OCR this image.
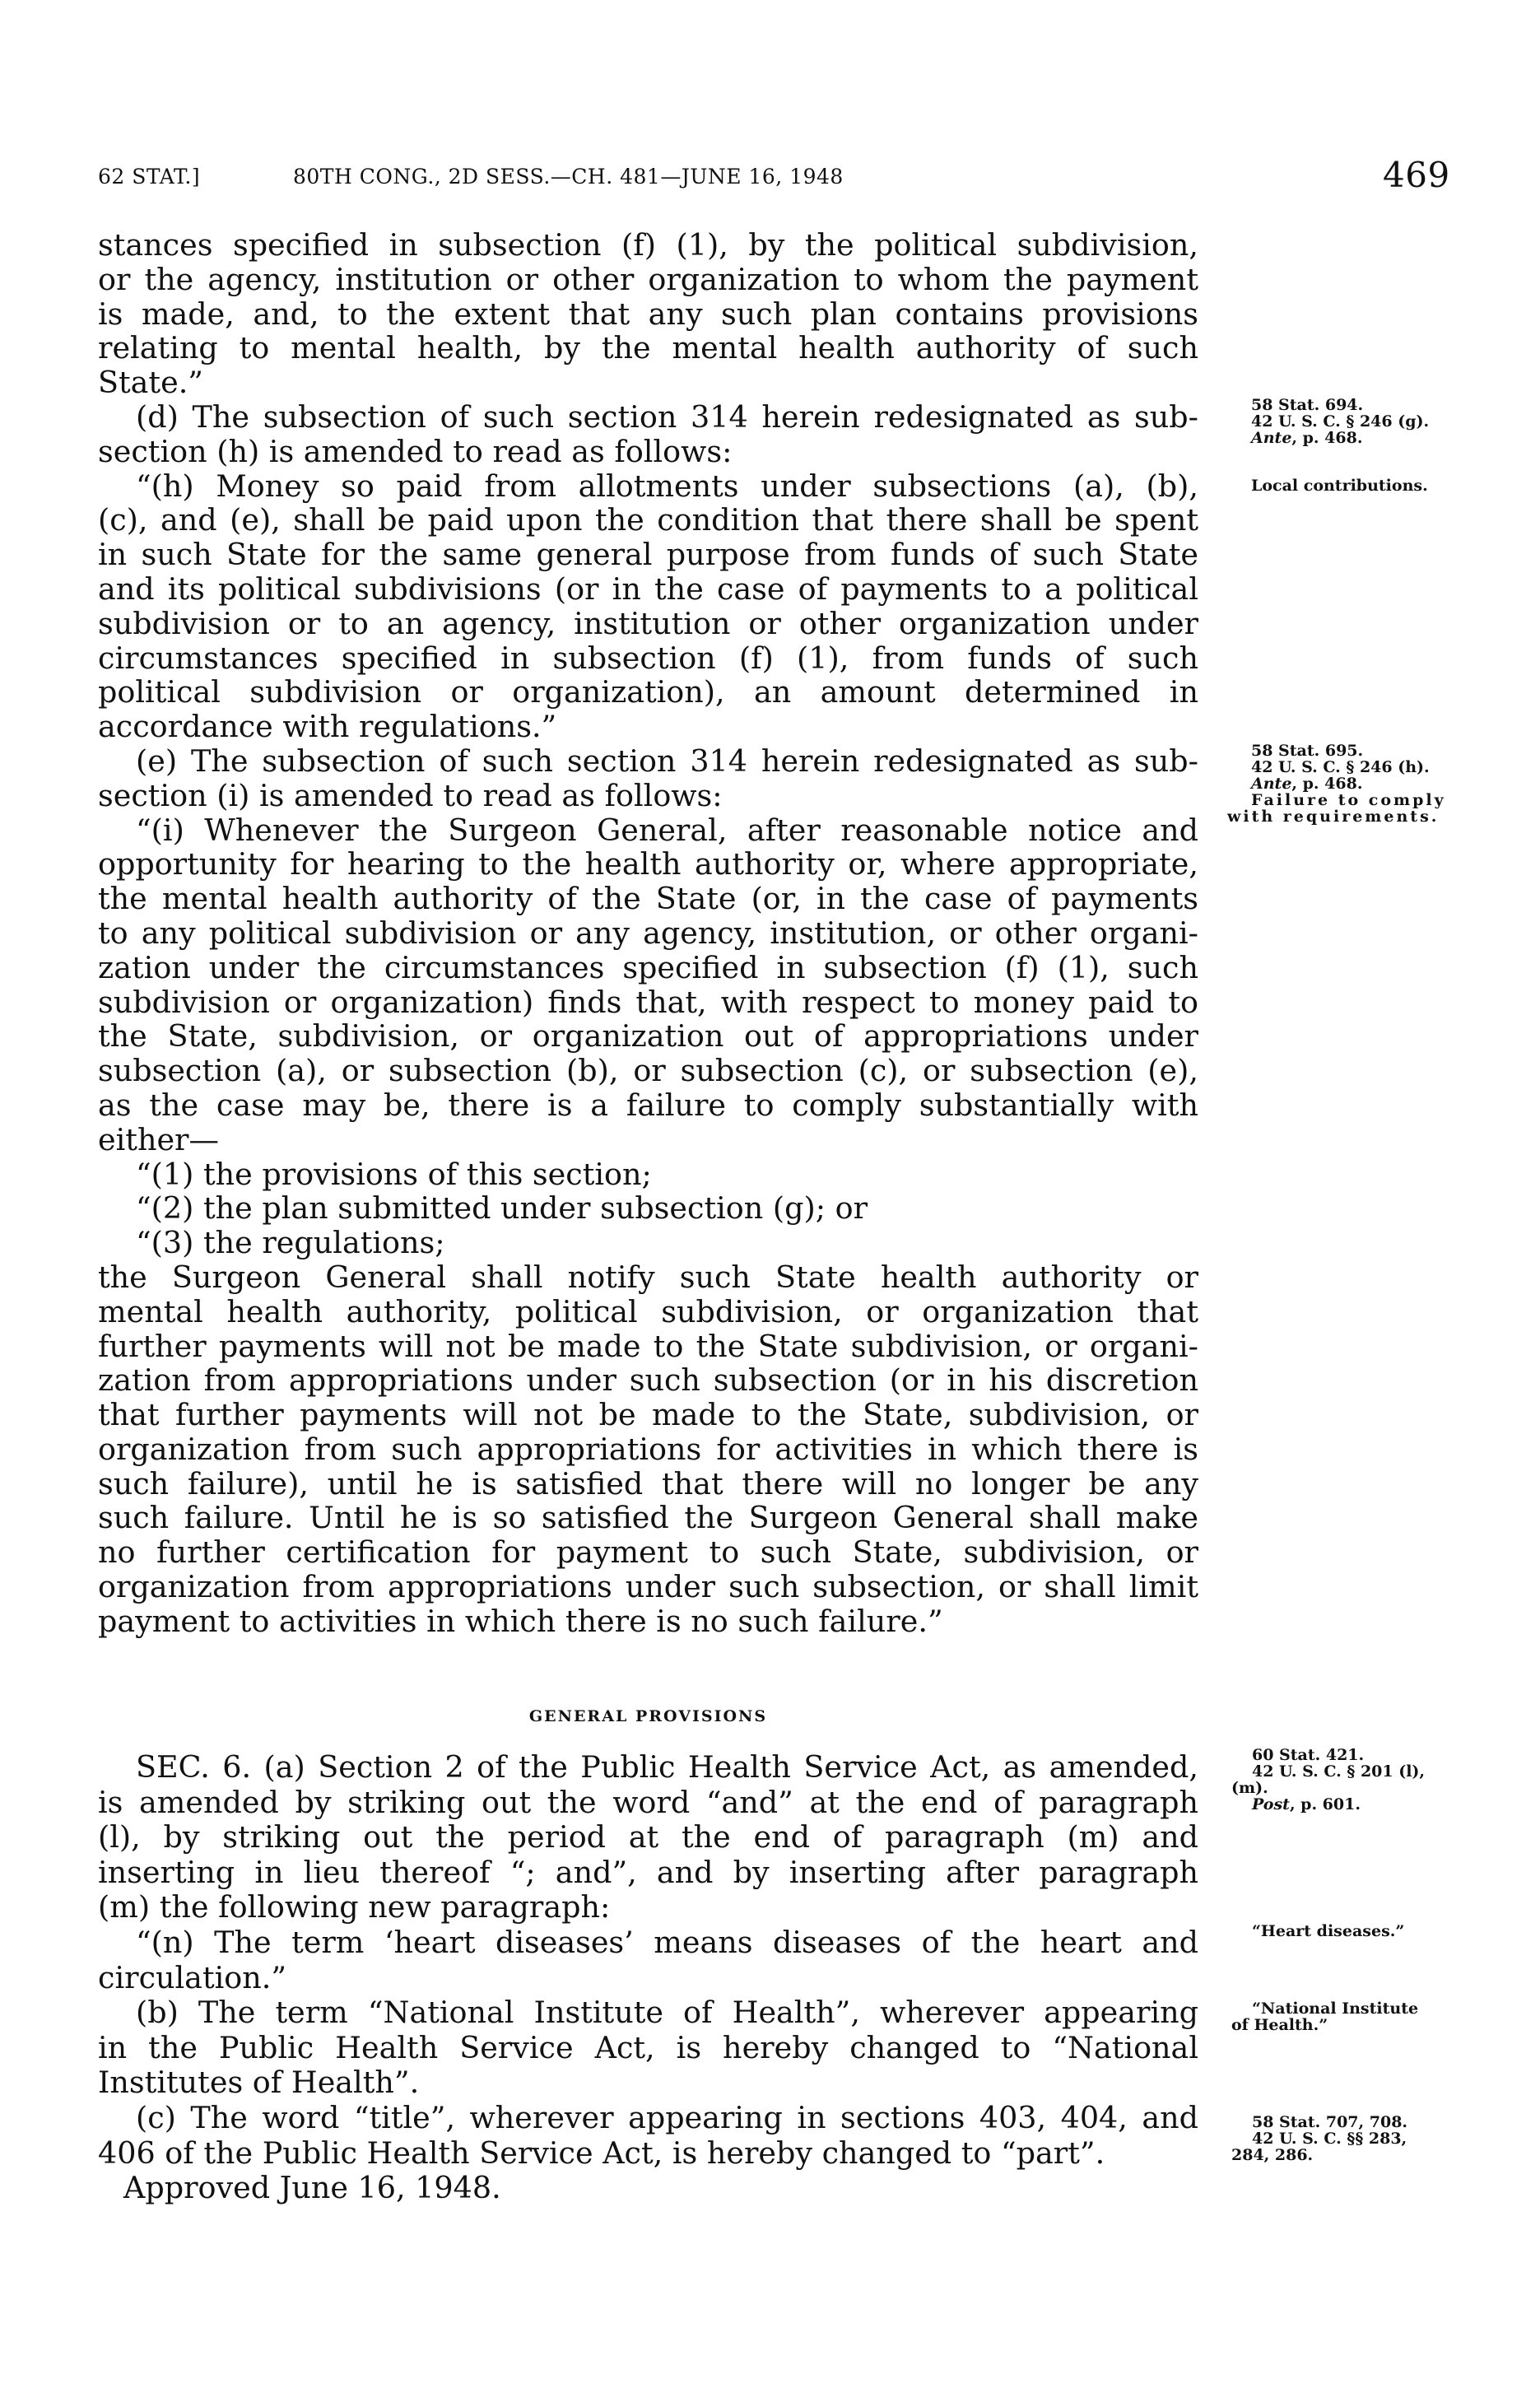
62 STAT.]	80TH CONG., 2D SESS.—CH. 481—JUNE 16, 1948	469
stances specified in subsection (f) (1), by the political subdivision,
or the agency, institution or other organization to whom the payment
is made, and, to the extent that any such plan contains provisions
relating to mental health, by the mental health authority of such
State.”
(d) The subsection of such section 314 herein redesignated as sub-
section (h) is amended to read as follows:
“(h) Money so paid from allotments under subsections (a), (b),
(c), and (e), shall be paid upon the condition that there shall be spent
in such State for the same general purpose from funds of such State
and its political subdivisions (or in the case of payments to a political
subdivision or to an agency, institution or other organization under
circumstances specified in subsection (f) (1), from funds of such
political subdivision or organization), an amount determined in
accordance with regulations.”
(e) The subsection of such section 314 herein redesignated as sub-
section (i) is amended to read as follows:
“(i) Whenever the Surgeon General, after reasonable notice and
opportunity for hearing to the health authority or, where appropriate,
the mental health authority of the State (or, in the case of payments
to any political subdivision or any agency, institution, or other organi-
zation under the circumstances specified in subsection (f) (1), such
subdivision or organization) finds that, with respect to money paid to
the State, subdivision, or organization out of appropriations under
subsection (a), or subsection (b), or subsection (c), or subsection (e),
as the case may be, there is a failure to comply substantially with
either—
“(1) the provisions of this section;
“(2) the plan submitted under subsection (g); or
“(3) the regulations;
the Surgeon General shall notify such State health authority or
mental health authority, political subdivision, or organization that
further payments will not be made to the State subdivision, or organi-
zation from appropriations under such subsection (or in his discretion
that further payments will not be made to the State, subdivision, or
organization from such appropriations for activities in which there is
such failure), until he is satisfied that there will no longer be any
such failure. Until he is so satisfied the Surgeon General shall make
no further certification for payment to such State, subdivision, or
organization from appropriations under such subsection, or shall limit
payment to activities in which there is no such failure.”
GENERAL PROVISIONS
SEC. 6. (a) Section 2 of the Public Health Service Act, as amended,
is amended by striking out the word “and” at the end of paragraph
(l), by striking out the period at the end of paragraph (m) and
inserting in lieu thereof “; and”, and by inserting after paragraph
(m) the following new paragraph:
“(n) The term ‘heart diseases’ means diseases of the heart and
circulation.”
(b) The term “National Institute of Health”, wherever appearing
in the Public Health Service Act, is hereby changed to “National
Institutes of Health”.
(c) The word “title”, wherever appearing in sections 403, 404, and
406 of the Public Health Service Act, is hereby changed to “part”.
Approved June 16, 1948.
58 Stat. 694.
42 U. S. C. § 246 (g).
Ante, p. 468.
Local contributions.
58 Stat. 695.
42 U. S. C. § 246 (h).
Ante, p. 468.
Failure to comply
with requirements.
60 Stat. 421.
42 U. S. C. § 201 (l),
(m).
Post, p. 601.
“Heart diseases.”
“National Institute
of Health.”
58 Stat. 707, 708.
42 U. S. C. §§ 283,
284, 286.
